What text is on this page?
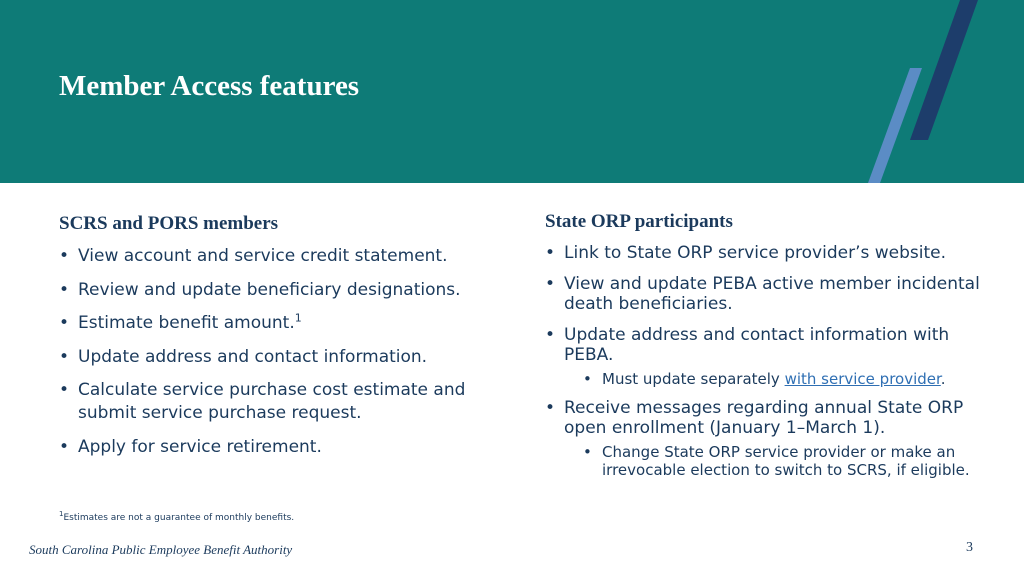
Member Access features
SCRS and PORS members
• View account and service credit statement.
• Review and update beneficiary designations.
• Estimate benefit amount.$^1$
• Update address and contact information.
• Calculate service purchase cost estimate and submit service purchase request.
• Apply for service retirement.
State ORP participants
• Link to State ORP service provider’s website.
• View and update PEBA active member incidental death beneficiaries.
• Update address and contact information with PEBA.
• Must update separately with service provider.
• Receive messages regarding annual State ORP open enrollment (January 1–March 1).
• Change State ORP service provider or make an irrevocable election to switch to SCRS, if eligible.
$^1$Estimates are not a guarantee of monthly benefits.
South Carolina Public Employee Benefit Authority	3
